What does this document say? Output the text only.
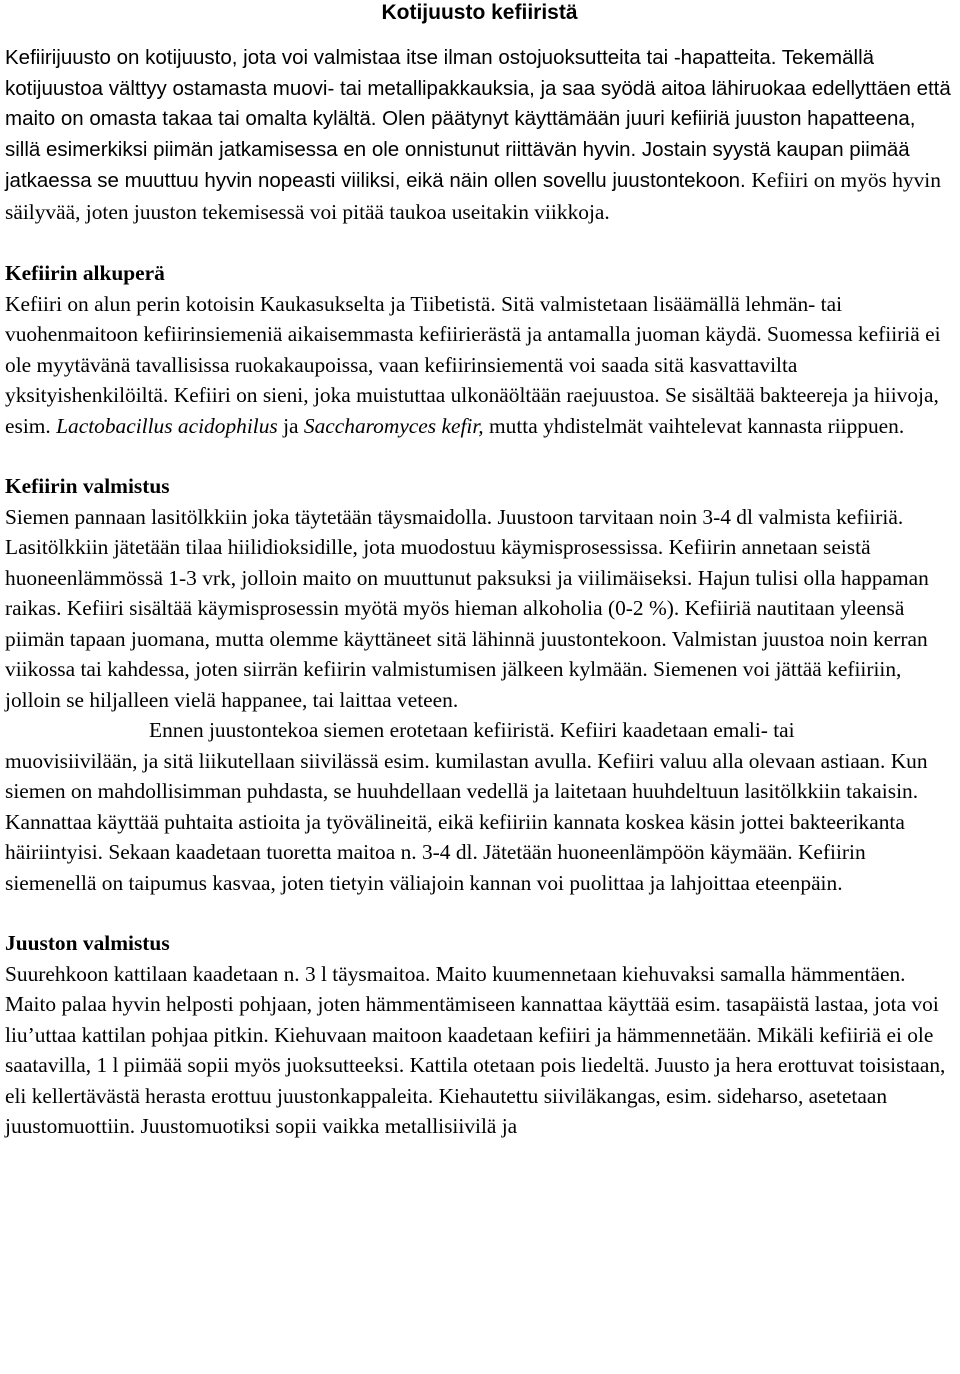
Kotijuusto kefiiristä

Kefiirijuusto on kotijuusto, jota voi valmistaa itse ilman ostojuoksutteita tai -hapatteita. Tekemällä kotijuustoa välttyy ostamasta muovi- tai metallipakkauksia, ja saa syödä aitoa lähiruokaa edellyttäen että maito on omasta takaa tai omalta kylältä. Olen päätynyt käyttämään juuri kefiiriä juuston hapatteena, sillä esimerkiksi piimän jatkamisessa en ole onnistunut riittävän hyvin. Jostain syystä kaupan piimää jatkaessa se muuttuu hyvin nopeasti viiliksi, eikä näin ollen sovellu juustontekoon. Kefiiri on myös hyvin säilyvää, joten juuston tekemisessä voi pitää taukoa useitakin viikkoja.

Kefiirin alkuperä

Kefiiri on alun perin kotoisin Kaukasukselta ja Tiibetistä. Sitä valmistetaan lisäämällä lehmän- tai vuohenmaitoon kefiirinsiemeniä aikaisemmasta kefiirierästä ja antamalla juoman käydä. Suomessa kefiiriä ei ole myytävänä tavallisissa ruokakaupoissa, vaan kefiirinsiementä voi saada sitä kasvattavilta yksityishenkilöiltä. Kefiiri on sieni, joka muistuttaa ulkonäöltään raejuustoa. Se sisältää bakteereja ja hiivoja, esim. Lactobacillus acidophilus ja Saccharomyces kefir, mutta yhdistelmät vaihtelevat kannasta riippuen.

Kefiirin valmistus

Siemen pannaan lasitölkkiin joka täytetään täysmaidolla. Juustoon tarvitaan noin 3-4 dl valmista kefiiriä. Lasitölkkiin jätetään tilaa hiilidioksidille, jota muodostuu käymisprosessissa. Kefiirin annetaan seistä huoneenlämmössä 1-3 vrk, jolloin maito on muuttunut paksuksi ja viilimäiseksi. Hajun tulisi olla happaman raikas. Kefiiri sisältää käymisprosessin myötä myös hieman alkoholia (0-2 %). Kefiiriä nautitaan yleensä piimän tapaan juomana, mutta olemme käyttäneet sitä lähinnä juustontekoon. Valmistan juustoa noin kerran viikossa tai kahdessa, joten siirrän kefiirin valmistumisen jälkeen kylmään. Siemenen voi jättää kefiiriin, jolloin se hiljalleen vielä happanee, tai laittaa veteen.

Ennen juustontekoa siemen erotetaan kefiiristä. Kefiiri kaadetaan emali- tai

muovisiivilään, ja sitä liikutellaan siivilässä esim. kumilastan avulla. Kefiiri valuu alla olevaan astiaan. Kun siemen on mahdollisimman puhdasta, se huuhdellaan vedellä ja laitetaan huuhdeltuun lasitölkkiin takaisin. Kannattaa käyttää puhtaita astioita ja työvälineitä, eikä kefiiriin kannata koskea käsin jottei bakteerikanta häiriintyisi. Sekaan kaadetaan tuoretta maitoa n. 3-4 dl. Jätetään huoneenlämpöön käymään. Kefiirin siemenellä on taipumus kasvaa, joten tietyin väliajoin kannan voi puolittaa ja lahjoittaa eteenpäin.

Juuston valmistus

Suurehkoon kattilaan kaadetaan n. 3 l täysmaitoa. Maito kuumennetaan kiehuvaksi samalla hämmentäen. Maito palaa hyvin helposti pohjaan, joten hämmentämiseen kannattaa käyttää esim. tasapäistä lastaa, jota voi liu’uttaa kattilan pohjaa pitkin. Kiehuvaan maitoon kaadetaan kefiiri ja hämmennetään. Mikäli kefiiriä ei ole saatavilla, 1 l piimää sopii myös juoksutteeksi. Kattila otetaan pois liedeltä. Juusto ja hera erottuvat toisistaan, eli kellertävästä herasta erottuu juustonkappaleita. Kiehautettu siiviläkangas, esim. sideharso, asetetaan juustomuottiin. Juustomuotiksi sopii vaikka metallisiivilä ja
